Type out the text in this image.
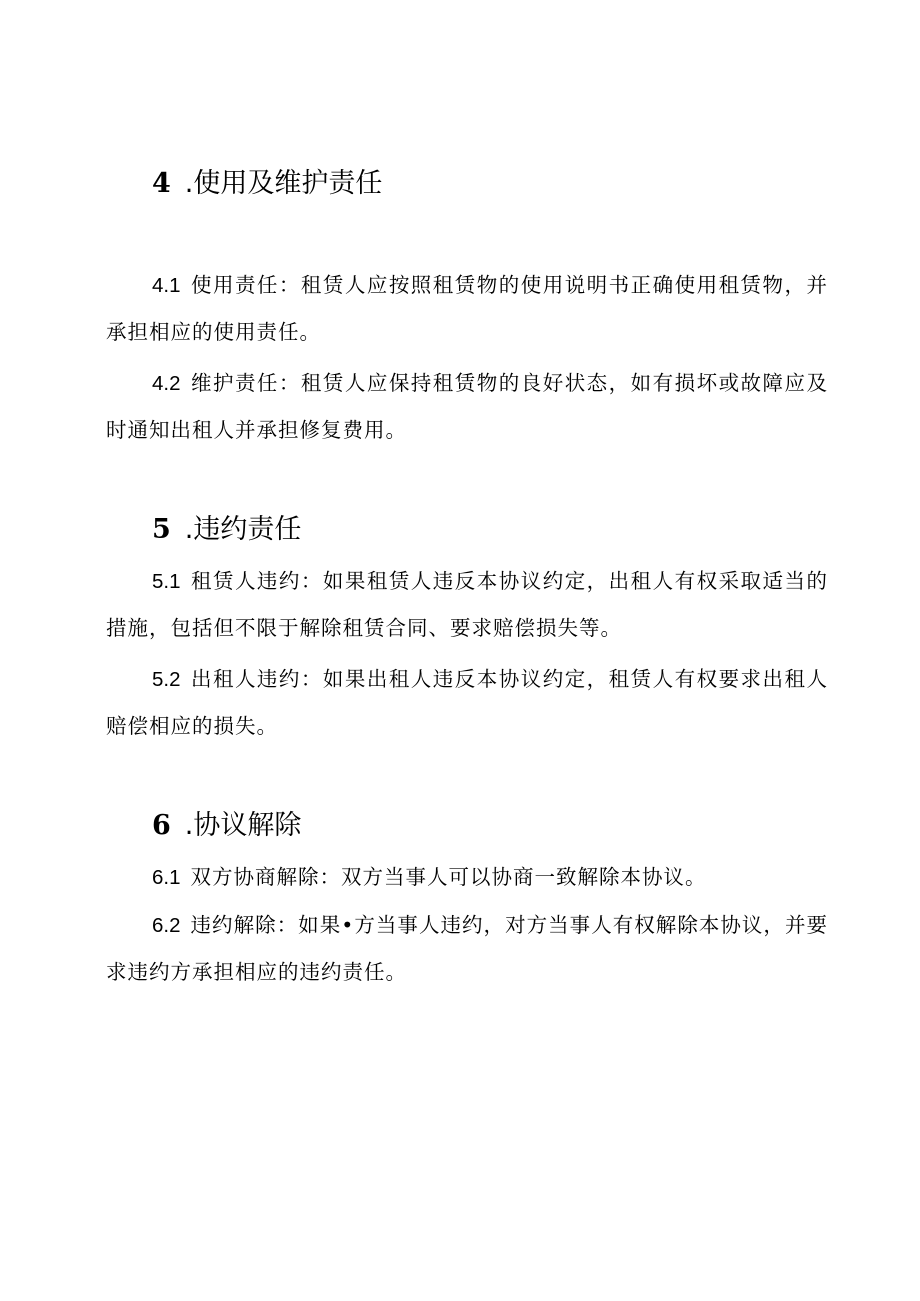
4 .使用及维护责任
4.1 使用责任：租赁人应按照租赁物的使用说明书正确使用租赁物，并承担相应的使用责任。
4.2 维护责任：租赁人应保持租赁物的良好状态，如有损坏或故障应及时通知出租人并承担修复费用。
5 .违约责任
5.1 租赁人违约：如果租赁人违反本协议约定，出租人有权采取适当的措施，包括但不限于解除租赁合同、要求赔偿损失等。
5.2 出租人违约：如果出租人违反本协议约定，租赁人有权要求出租人赔偿相应的损失。
6 .协议解除
6.1 双方协商解除：双方当事人可以协商一致解除本协议。
6.2 违约解除：如果•方当事人违约，对方当事人有权解除本协议，并要求违约方承担相应的违约责任。
